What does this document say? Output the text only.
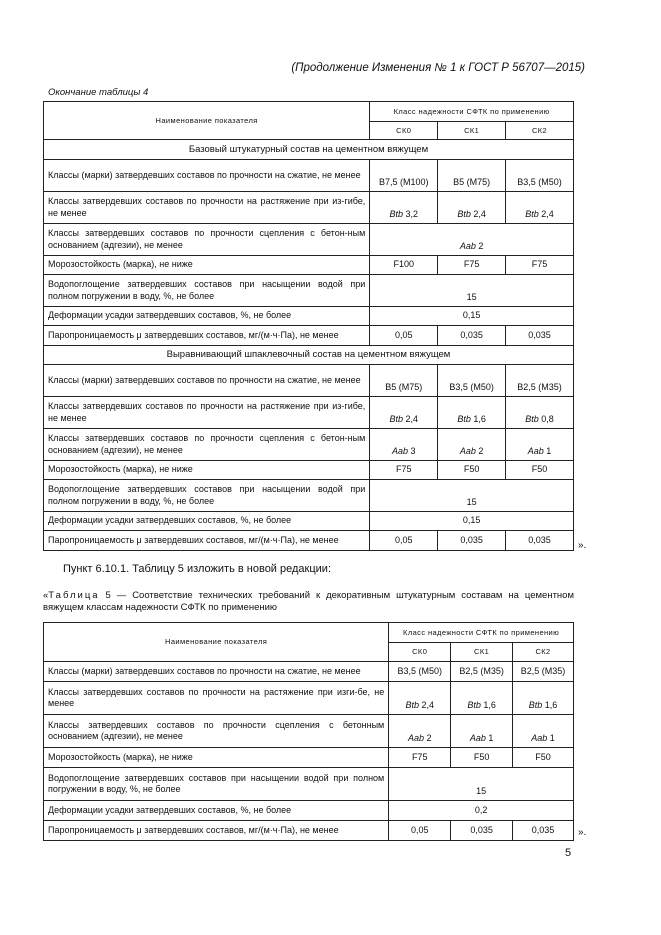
(Продолжение Изменения № 1 к ГОСТ Р 56707—2015)
Окончание таблицы 4
Наименование показателя	Класс надежности СФТК по применению		
	СК0	СК1	СК2
Базовый штукатурный состав на цементном вяжущем			
Классы (марки) затвердевших составов по прочности на сжатие, не менее	B7,5 (M100)	B5 (M75)	B3,5 (M50)
Классы затвердевших составов по прочности на растяжение при из-гибе, не менее	Btb 3,2	Btb 2,4	Btb 2,4
Классы затвердевших составов по прочности сцепления с бетон-ным основанием (адгезии), не менее	Aab 2		
Морозостойкость (марка), не ниже	F100	F75	F75
Водопоглощение затвердевших составов при насыщении водой при полном погружении в воду, %, не более	15		
Деформации усадки затвердевших составов, %, не более	0,15		
Паропроницаемость μ затвердевших составов, мг/(м·ч·Па), не менее	0,05	0,035	0,035
Выравнивающий шпаклевочный состав на цементном вяжущем			
Классы (марки) затвердевших составов по прочности на сжатие, не менее	B5 (M75)	B3,5 (M50)	B2,5 (M35)
Классы затвердевших составов по прочности на растяжение при из-гибе, не менее	Btb 2,4	Btb 1,6	Btb 0,8
Классы затвердевших составов по прочности сцепления с бетон-ным основанием (адгезии), не менее	Aab 3	Aab 2	Aab 1
Морозостойкость (марка), не ниже	F75	F50	F50
Водопоглощение затвердевших составов при насыщении водой при полном погружении в воду, %, не более	15		
Деформации усадки затвердевших составов, %, не более	0,15		
Паропроницаемость μ затвердевших составов, мг/(м·ч·Па), не менее	0,05	0,035	0,035
».
Пункт 6.10.1. Таблицу 5 изложить в новой редакции:
«Таблица 5 — Соответствие технических требований к декоративным штукатурным составам на цементном вяжущем классам надежности СФТК по применению
Наименование показателя	Класс надежности СФТК по применению		
	СК0	СК1	СК2
Классы (марки) затвердевших составов по прочности на сжатие, не менее	B3,5 (M50)	B2,5 (M35)	B2,5 (M35)
Классы затвердевших составов по прочности на растяжение при изги-бе, не менее	Btb 2,4	Btb 1,6	Btb 1,6
Классы затвердевших составов по прочности сцепления с бетонным основанием (адгезии), не менее	Aab 2	Aab 1	Aab 1
Морозостойкость (марка), не ниже	F75	F50	F50
Водопоглощение затвердевших составов при насыщении водой при полном погружении в воду, %, не более	15		
Деформации усадки затвердевших составов, %, не более	0,2		
Паропроницаемость μ затвердевших составов, мг/(м·ч·Па), не менее	0,05	0,035	0,035 ».
5
